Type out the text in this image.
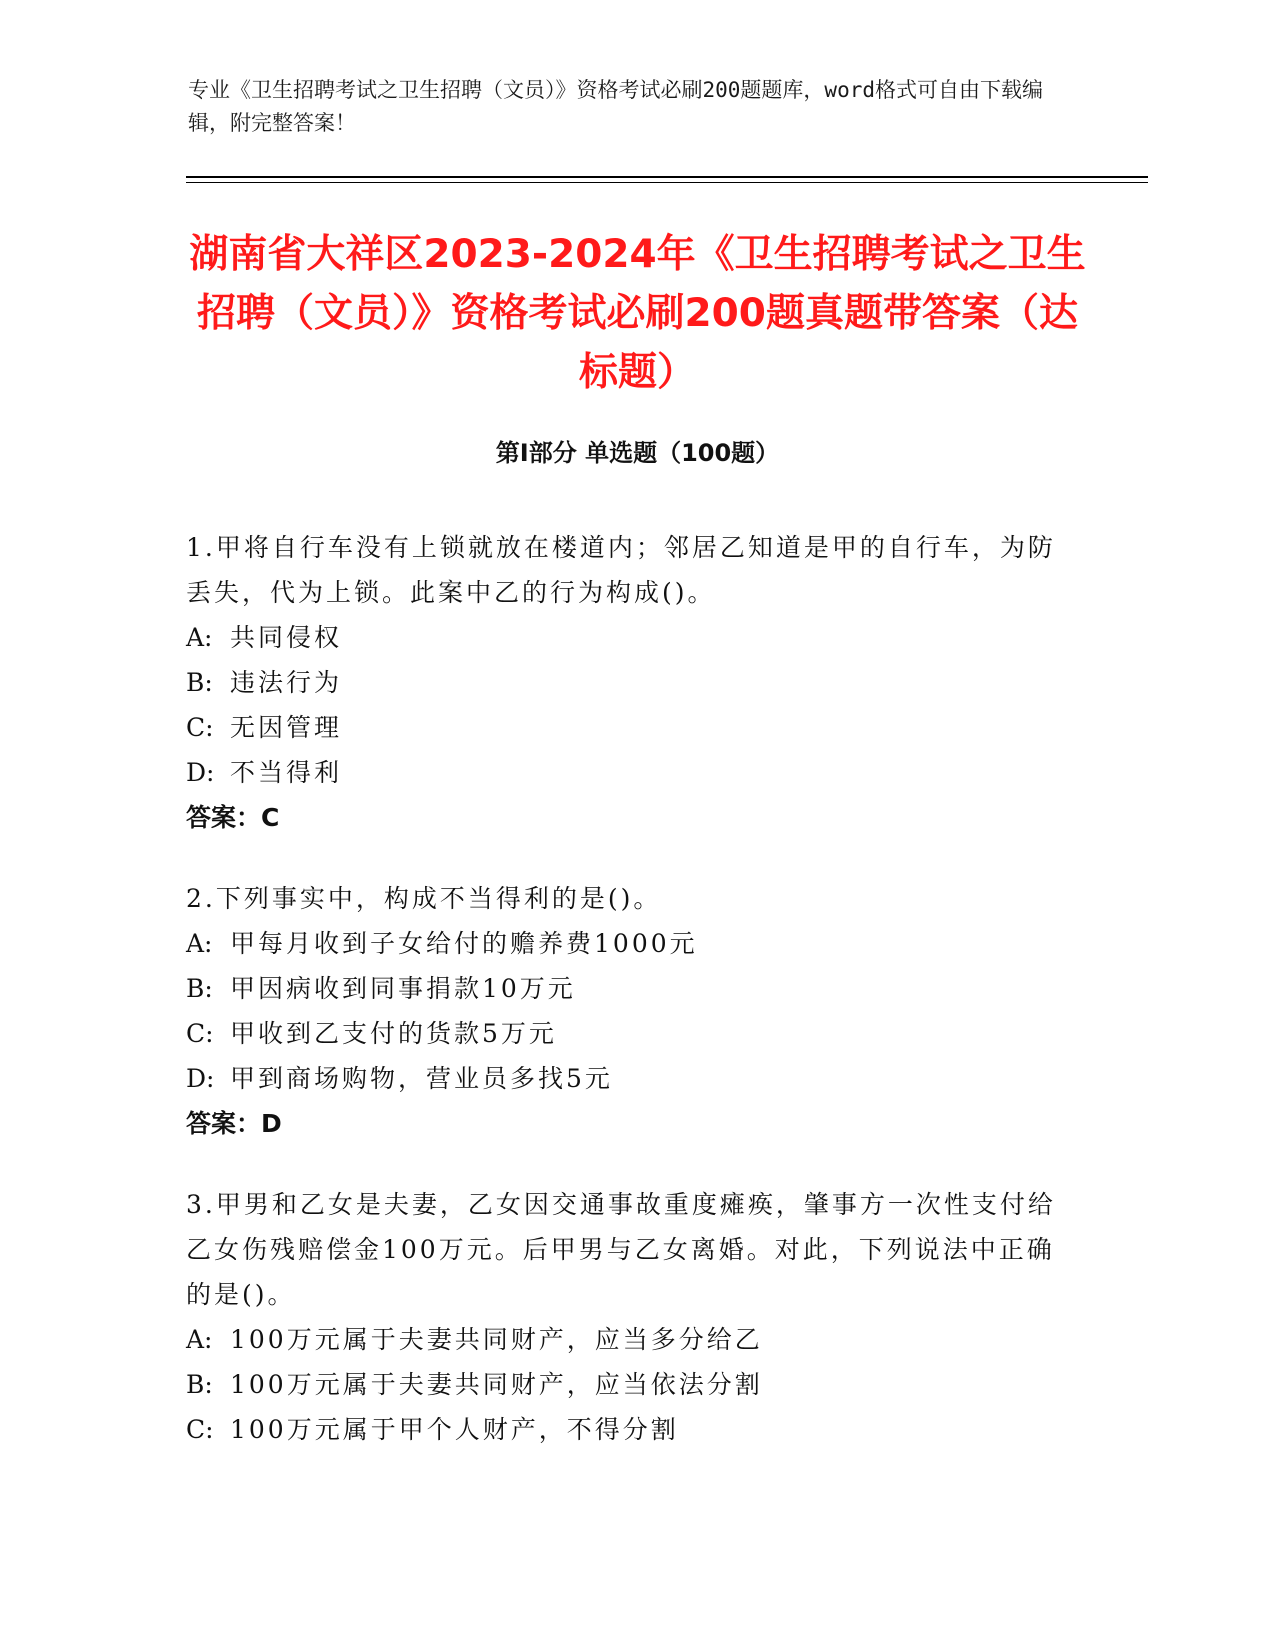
专业《卫生招聘考试之卫生招聘（文员）》资格考试必刷200题题库，word格式可自由下载编辑，附完整答案！
湖南省大祥区2023-2024年《卫生招聘考试之卫生招聘（文员）》资格考试必刷200题真题带答案（达标题）
第Ⅰ部分 单选题（100题）

1.甲将自行车没有上锁就放在楼道内；邻居乙知道是甲的自行车，为防丢失，代为上锁。此案中乙的行为构成()。

A: 共同侵权

B: 违法行为

C: 无因管理

D: 不当得利

答案：C

2.下列事实中，构成不当得利的是()。

A: 甲每月收到子女给付的赡养费1000元

B: 甲因病收到同事捐款10万元

C: 甲收到乙支付的货款5万元

D: 甲到商场购物，营业员多找5元

答案：D

3.甲男和乙女是夫妻，乙女因交通事故重度瘫痪，肇事方一次性支付给乙女伤残赔偿金100万元。后甲男与乙女离婚。对此，下列说法中正确的是()。

A: 100万元属于夫妻共同财产，应当多分给乙

B: 100万元属于夫妻共同财产，应当依法分割

C: 100万元属于甲个人财产，不得分割
